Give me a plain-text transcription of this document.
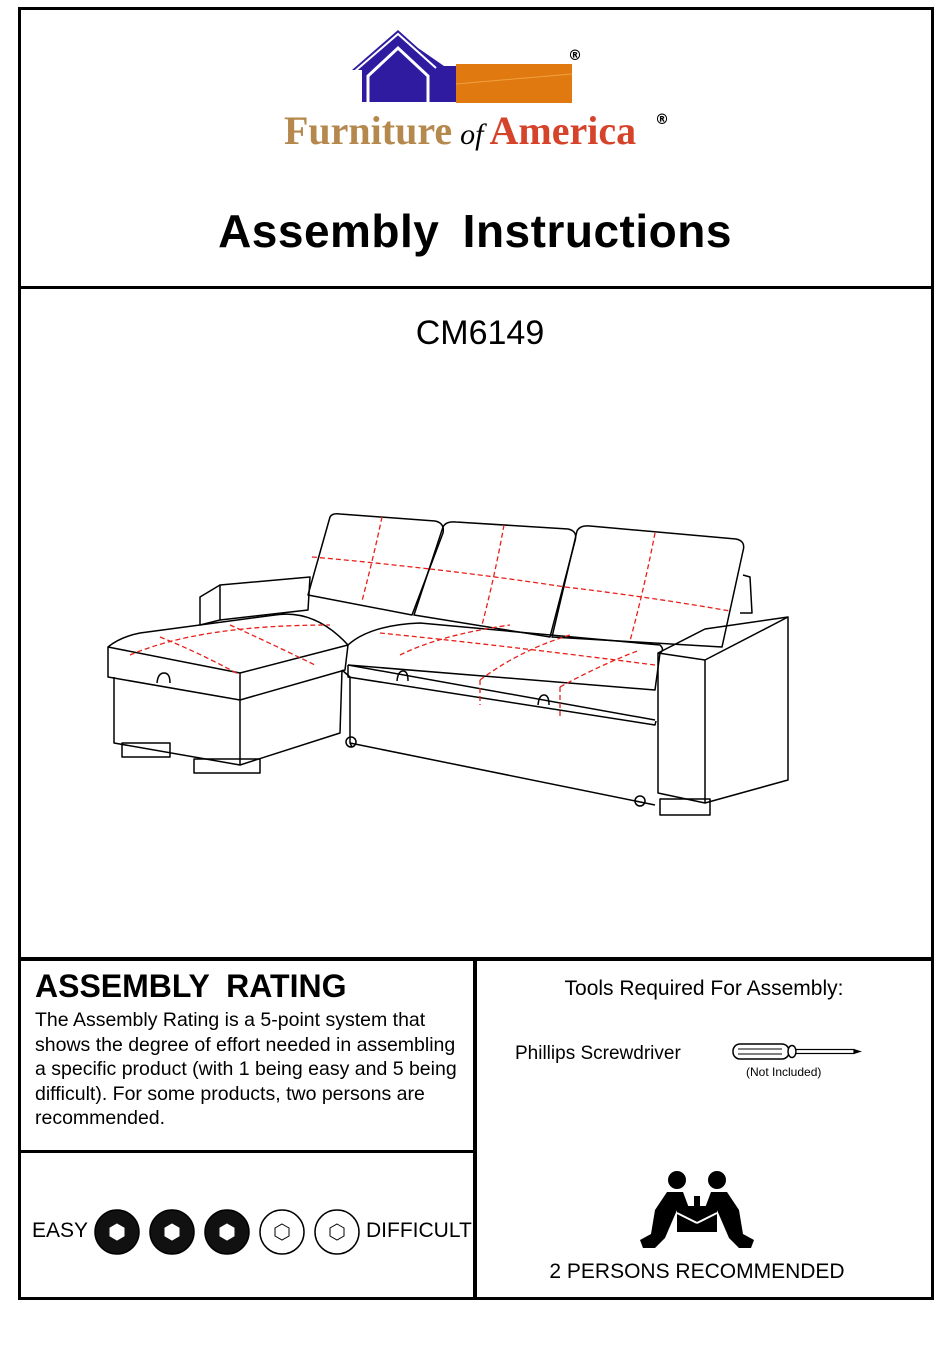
®
Furniture of America ®
Assembly Instructions
CM6149
ASSEMBLY RATING
The Assembly Rating is a 5-point system that shows the degree of effort needed in assembling a specific product (with 1 being easy and 5 being difficult). For some products, two persons are recommended.
EASY	DIFFICULT
Tools Required For Assembly:
Phillips Screwdriver
(Not Included)
2 PERSONS RECOMMENDED
